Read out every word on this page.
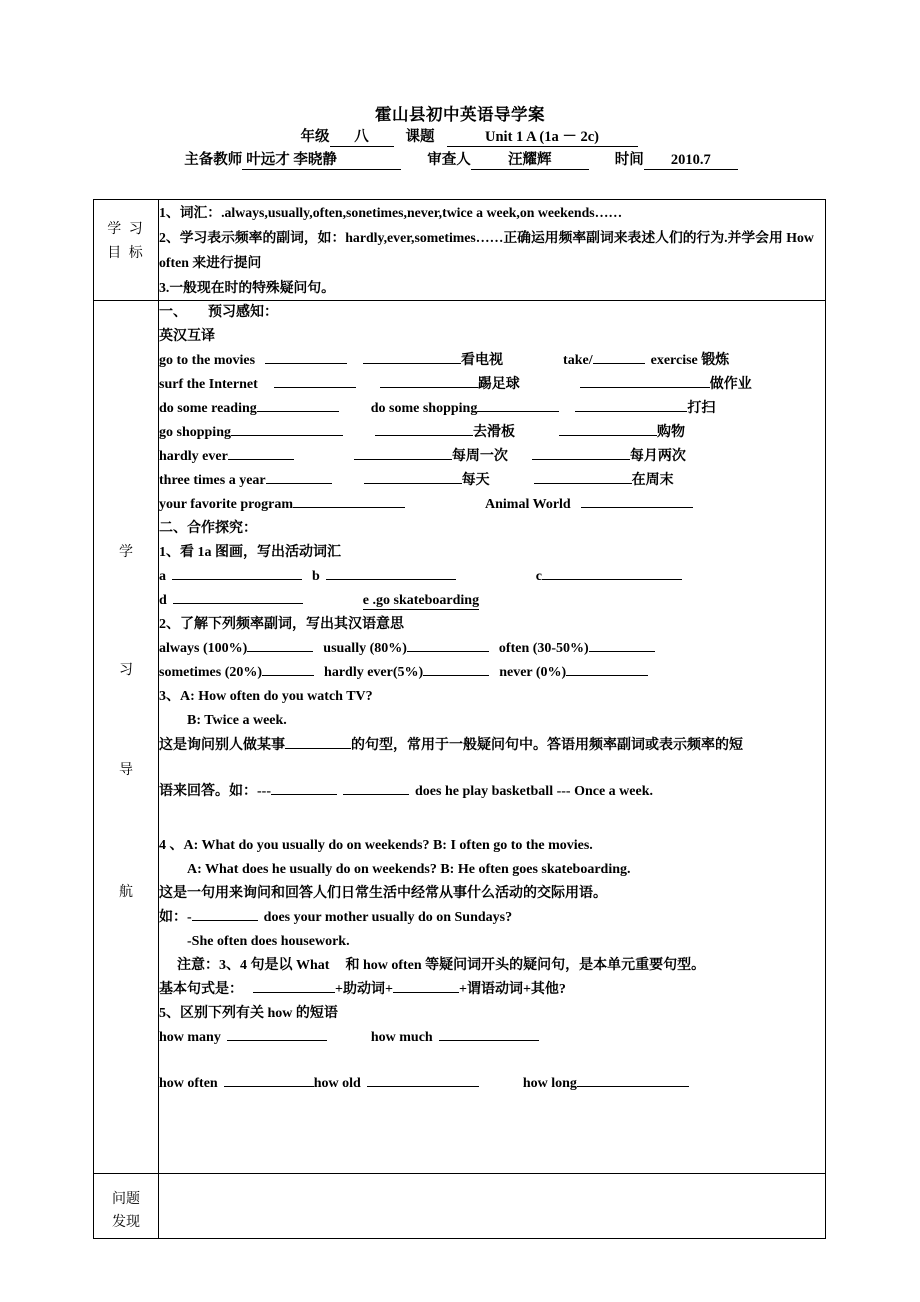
霍山县初中英语导学案
年级 八	课题	Unit 1 A (1a － 2c)
主备教师 叶远才 李晓静	审查人	汪耀辉	时间 2010.7
学 习
目 标

1、词汇：.always,usually,often,sonetimes,never,twice a week,on weekends……
2、学习表示频率的副词，如：hardly,ever,sometimes……正确运用频率副词来表述人们的行为.并学会用 How often 来进行提问
3.一般现在时的特殊疑问句。

学
习
导
航

一、　　预习感知：
英汉互译
go to the movies	看电视	take/	exercise 锻炼
surf the Internet	踢足球	做作业
do some reading	do some shopping	打扫
go shopping	去滑板	购物
hardly ever	每周一次	每月两次
three times a year	每天	在周末
your favorite program	Animal World
二、合作探究：
1、看 1a 图画，写出活动词汇
a	b	c
d	e .go skateboarding
2、了解下列频率副词，写出其汉语意思
always (100%)	usually (80%)	often (30-50%)
sometimes (20%)	hardly ever(5%)	never (0%)
3、A: How often do you watch TV?
B: Twice a week.
这是询问别人做某事	的句型，常用于一般疑问句中。答语用频率副词或表示频率的短
语来回答。如：---	does he play basketball --- Once a week.
4 、A: What do you usually do on weekends? B: I often go to the movies.
A: What does he usually do on weekends? B: He often goes skateboarding.
这是一句用来询问和回答人们日常生活中经常从事什么活动的交际用语。
如：-	does your mother usually do on Sundays?
-She often does housework.
注意：3、4 句是以 What 和 how often 等疑问词开头的疑问句，是本单元重要句型。
基本句式是：	+助动词+	+谓语动词+其他?
5、区别下列有关 how 的短语
how many	how much
how often	how old	how long

问题
发现	
